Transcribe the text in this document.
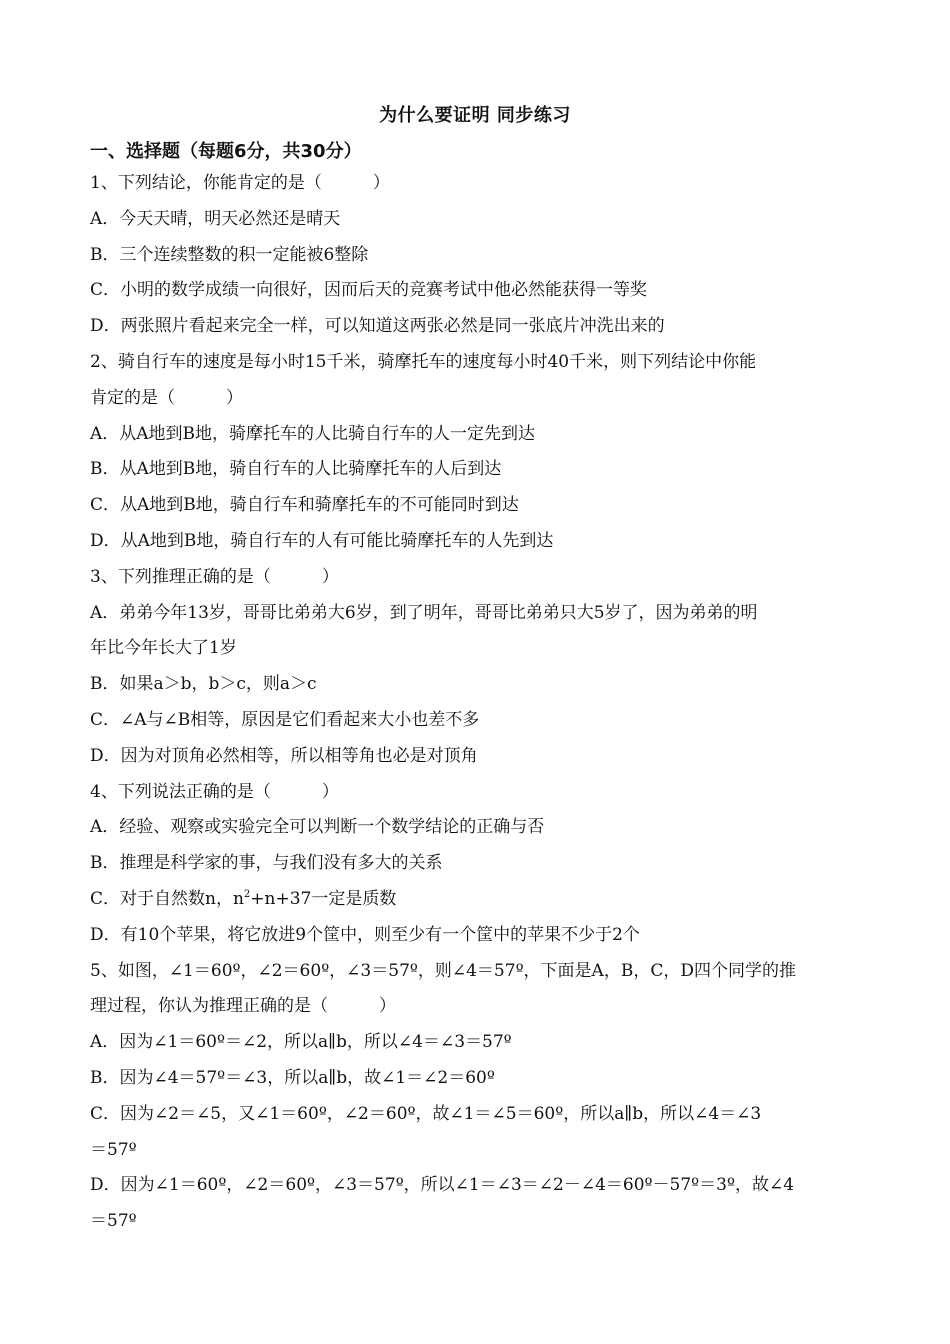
为什么要证明 同步练习
一、选择题（每题6分，共30分）
1、下列结论，你能肯定的是（　　　）
A．今天天晴，明天必然还是晴天
B．三个连续整数的积一定能被6整除
C．小明的数学成绩一向很好，因而后天的竞赛考试中他必然能获得一等奖
D．两张照片看起来完全一样，可以知道这两张必然是同一张底片冲洗出来的
2、骑自行车的速度是每小时15千米，骑摩托车的速度每小时40千米，则下列结论中你能
肯定的是（　　　）
A．从A地到B地，骑摩托车的人比骑自行车的人一定先到达
B．从A地到B地，骑自行车的人比骑摩托车的人后到达
C．从A地到B地，骑自行车和骑摩托车的不可能同时到达
D．从A地到B地，骑自行车的人有可能比骑摩托车的人先到达
3、下列推理正确的是（　　　）
A．弟弟今年13岁，哥哥比弟弟大6岁，到了明年，哥哥比弟弟只大5岁了，因为弟弟的明
年比今年长大了1岁
B．如果a＞b，b＞c，则a＞c
C．∠A与∠B相等，原因是它们看起来大小也差不多
D．因为对顶角必然相等，所以相等角也必是对顶角
4、下列说法正确的是（　　　）
A．经验、观察或实验完全可以判断一个数学结论的正确与否
B．推理是科学家的事，与我们没有多大的关系
C．对于自然数n，$n^2+n+37$一定是质数
D．有10个苹果，将它放进9个筐中，则至少有一个筐中的苹果不少于2个
5、如图，∠1＝60º，∠2＝60º，∠3＝57º，则∠4＝57º，下面是A，B，C，D四个同学的推
理过程，你认为推理正确的是（　　　）
A．因为∠1＝60º＝∠2，所以a∥b，所以∠4＝∠3＝57º
B．因为∠4＝57º＝∠3，所以a∥b，故∠1＝∠2＝60º
C．因为∠2＝∠5，又∠1＝60º，∠2＝60º，故∠1＝∠5＝60º，所以a∥b，所以∠4＝∠3
＝57º
D．因为∠1＝60º，∠2＝60º，∠3＝57º，所以∠1＝∠3＝∠2－∠4＝60º－57º＝3º，故∠4
＝57º
